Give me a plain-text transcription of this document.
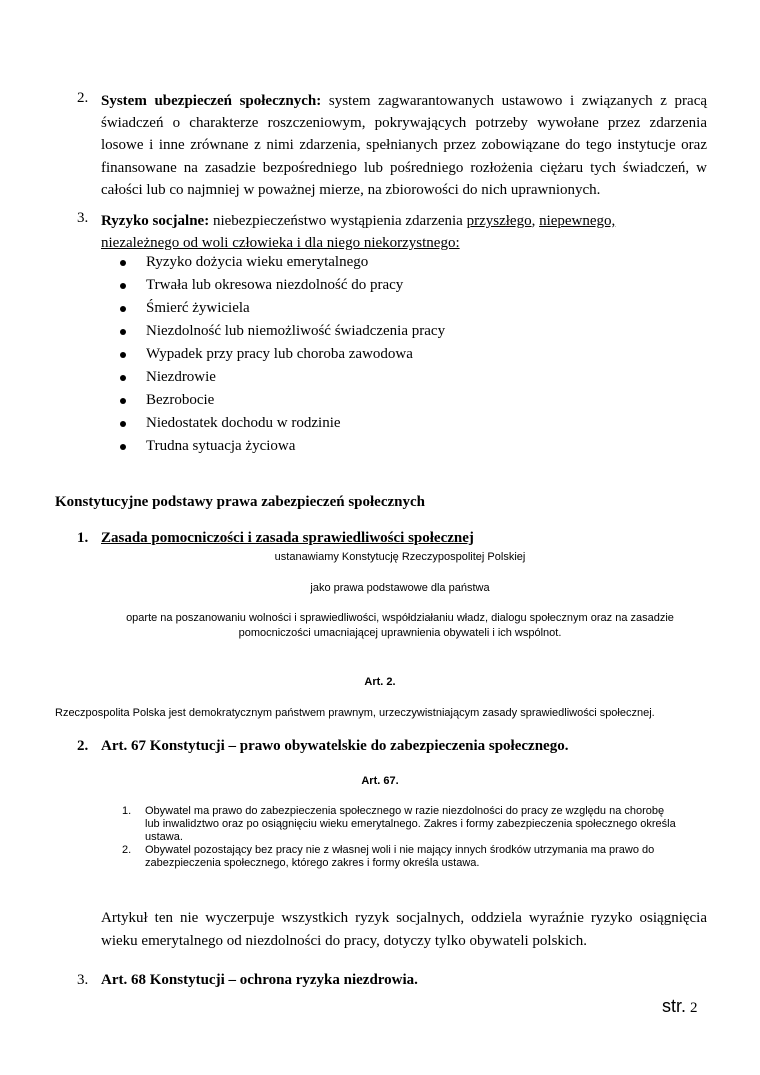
2. System ubezpieczeń społecznych: system zagwarantowanych ustawowo i związanych z pracą
świadczeń o charakterze roszczeniowym, pokrywających potrzeby wywołane przez zdarzenia
losowe i inne zrównane z nimi zdarzenia, spełnianych przez zobowiązane do tego instytucje oraz
finansowane na zasadzie bezpośredniego lub pośredniego rozłożenia ciężaru tych świadczeń, w
całości lub co najmniej w poważnej mierze, na zbiorowości do nich uprawnionych.
3. Ryzyko socjalne: niebezpieczeństwo wystąpienia zdarzenia przyszłego, niepewnego,
niezależnego od woli człowieka i dla niego niekorzystnego:
Ryzyko dożycia wieku emerytalnego
Trwała lub okresowa niezdolność do pracy
Śmierć żywiciela
Niezdolność lub niemożliwość świadczenia pracy
Wypadek przy pracy lub choroba zawodowa
Niezdrowie
Bezrobocie
Niedostatek dochodu w rodzinie
Trudna sytuacja życiowa
Konstytucyjne podstawy prawa zabezpieczeń społecznych
1. Zasada pomocniczości i zasada sprawiedliwości społecznej
ustanawiamy Konstytucję Rzeczypospolitej Polskiej
jako prawa podstawowe dla państwa
oparte na poszanowaniu wolności i sprawiedliwości, współdziałaniu władz, dialogu społecznym oraz na zasadzie
pomocniczości umacniającej uprawnienia obywateli i ich wspólnot.
Art. 2.
Rzeczpospolita Polska jest demokratycznym państwem prawnym, urzeczywistniającym zasady sprawiedliwości społecznej.
2. Art. 67 Konstytucji – prawo obywatelskie do zabezpieczenia społecznego.
Art. 67.
1. Obywatel ma prawo do zabezpieczenia społecznego w razie niezdolności do pracy ze względu na chorobę
lub inwalidztwo oraz po osiągnięciu wieku emerytalnego. Zakres i formy zabezpieczenia społecznego określa
ustawa.
2. Obywatel pozostający bez pracy nie z własnej woli i nie mający innych środków utrzymania ma prawo do
zabezpieczenia społecznego, którego zakres i formy określa ustawa.
Artykuł ten nie wyczerpuje wszystkich ryzyk socjalnych, oddziela wyraźnie ryzyko osiągnięcia
wieku emerytalnego od niezdolności do pracy, dotyczy tylko obywateli polskich.
3. Art. 68 Konstytucji – ochrona ryzyka niezdrowia.
str. 2
